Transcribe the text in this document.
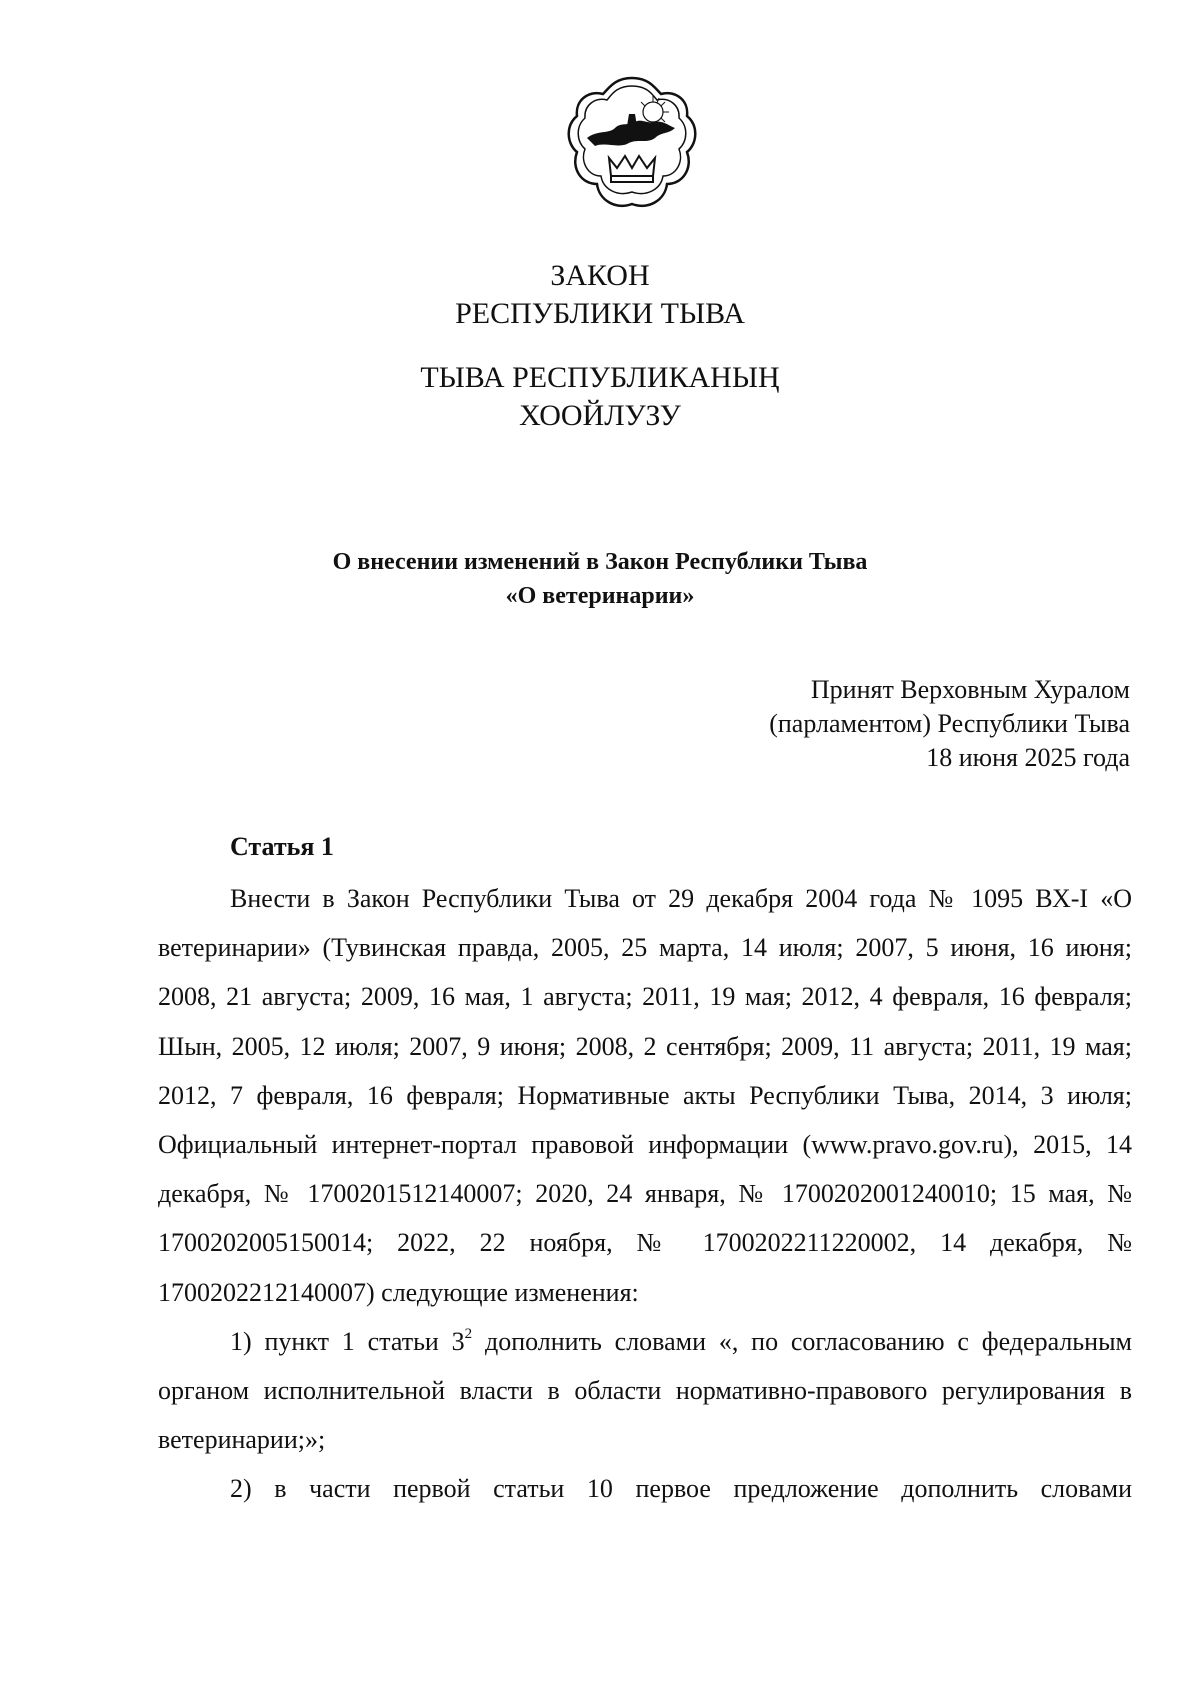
ЗАКОН
РЕСПУБЛИКИ ТЫВА
ТЫВА РЕСПУБЛИКАНЫҢ
ХООЙЛУЗУ
О внесении изменений в Закон Республики Тыва
«О ветеринарии»
Принят Верховным Хуралом
(парламентом) Республики Тыва
18 июня 2025 года
Статья 1

Внести в Закон Республики Тыва от 29 декабря 2004 года № 1095 ВХ-I «О ветеринарии» (Тувинская правда, 2005, 25 марта, 14 июля; 2007, 5 июня, 16 июня; 2008, 21 августа; 2009, 16 мая, 1 августа; 2011, 19 мая; 2012, 4 февраля, 16 февраля; Шын, 2005, 12 июля; 2007, 9 июня; 2008, 2 сентября; 2009, 11 августа; 2011, 19 мая; 2012, 7 февраля, 16 февраля; Нормативные акты Республики Тыва, 2014, 3 июля; Официальный интернет-портал правовой информации (www.pravo.gov.ru), 2015, 14 декабря, № 1700201512140007; 2020, 24 января, № 1700202001240010; 15 мая, № 1700202005150014; 2022, 22 ноября, № 1700202211220002, 14 декабря, № 1700202212140007) следующие изменения:

1) пункт 1 статьи $3^2$ дополнить словами «, по согласованию с федеральным органом исполнительной власти в области нормативно-правового регулирования в ветеринарии;»;

2) в части первой статьи 10 первое предложение дополнить словами
